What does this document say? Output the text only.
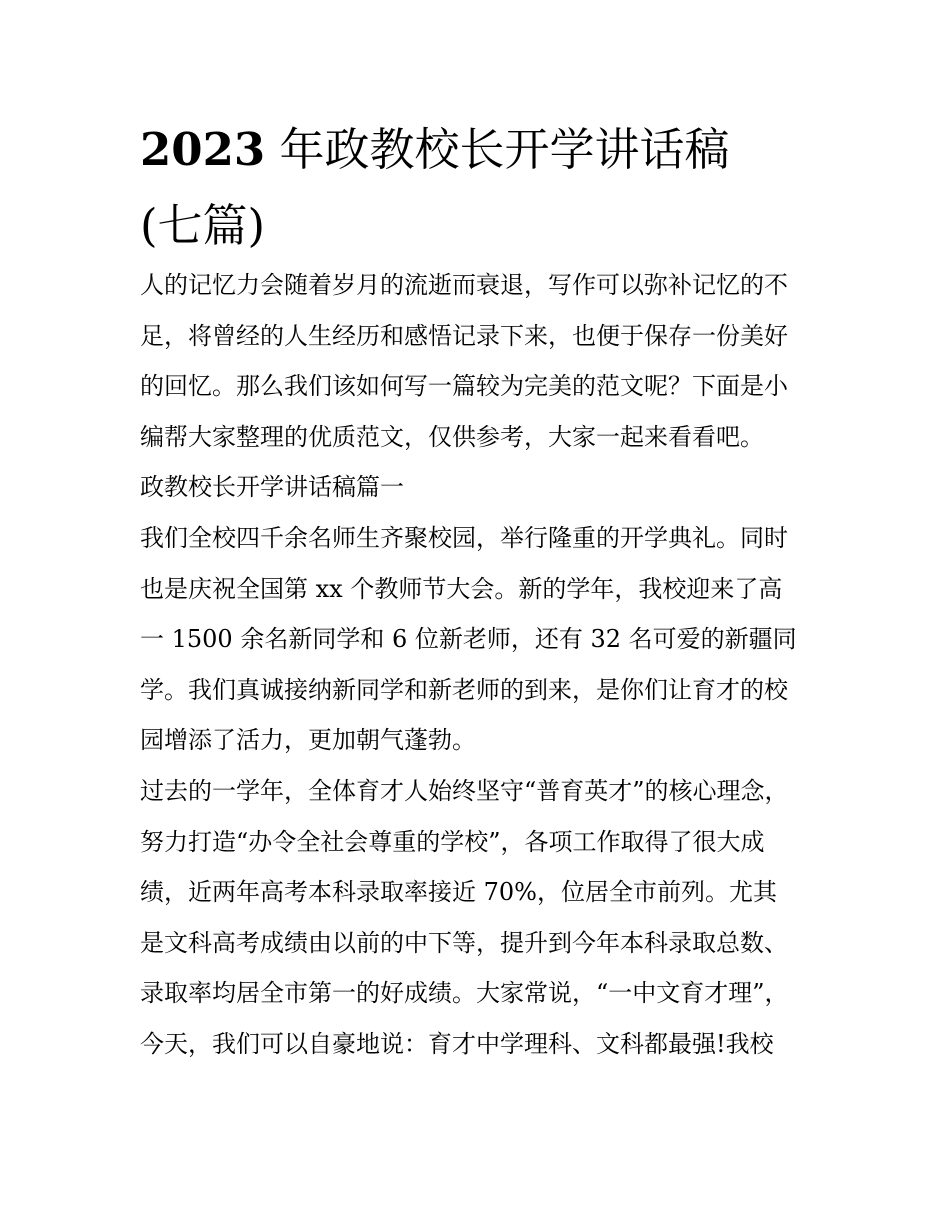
2023 年政教校长开学讲话稿
(七篇)
人的记忆力会随着岁月的流逝而衰退，写作可以弥补记忆的不
足，将曾经的人生经历和感悟记录下来，也便于保存一份美好
的回忆。那么我们该如何写一篇较为完美的范文呢？下面是小
编帮大家整理的优质范文，仅供参考，大家一起来看看吧。
政教校长开学讲话稿篇一
我们全校四千余名师生齐聚校园，举行隆重的开学典礼。同时
也是庆祝全国第 xx 个教师节大会。新的学年，我校迎来了高
一 1500 余名新同学和 6 位新老师，还有 32 名可爱的新疆同
学。我们真诚接纳新同学和新老师的到来，是你们让育才的校
园增添了活力，更加朝气蓬勃。
过去的一学年，全体育才人始终坚守“普育英才”的核心理念，
努力打造“办令全社会尊重的学校”，各项工作取得了很大成
绩，近两年高考本科录取率接近 70%，位居全市前列。尤其
是文科高考成绩由以前的中下等，提升到今年本科录取总数、
录取率均居全市第一的好成绩。大家常说，“一中文育才理”，
今天，我们可以自豪地说：育才中学理科、文科都最强!我校
